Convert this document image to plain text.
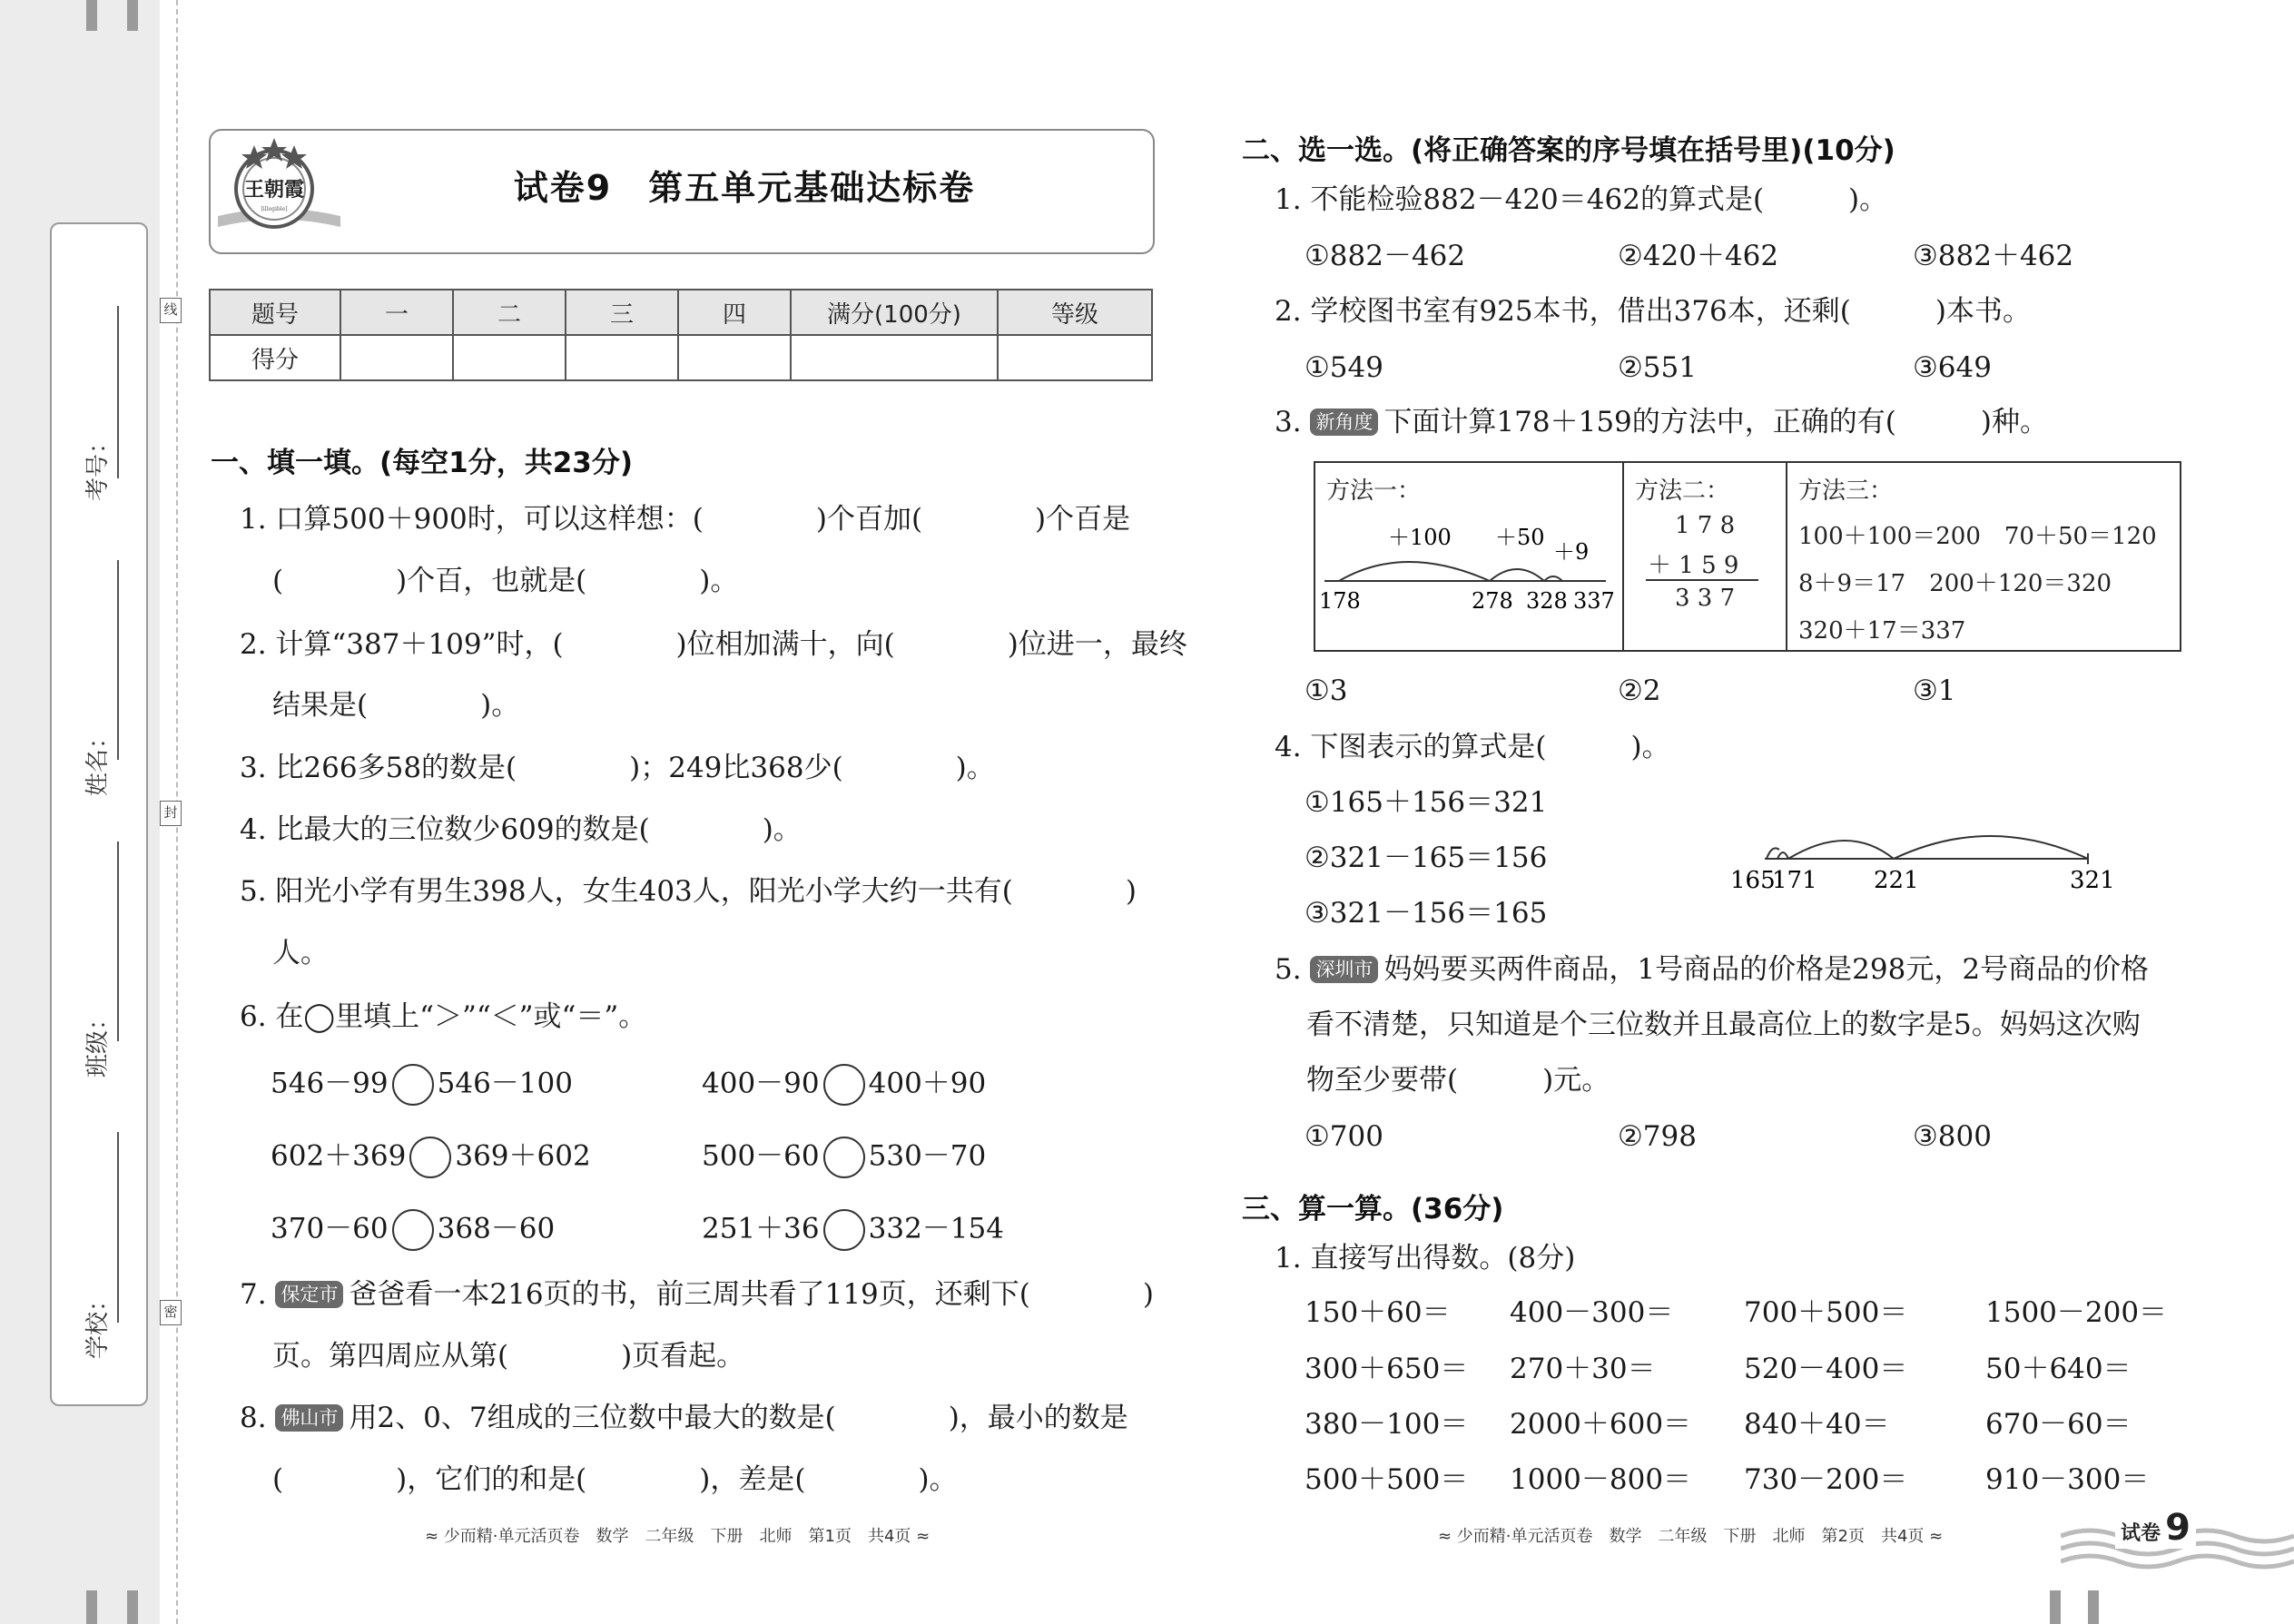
考号：
姓名：
班级：
学校：
线
封
密
王朝霞
[illegible]
试卷9　第五单元基础达标卷
题号	一	二	三	四	满分(100分)	等级
得分						
一、填一填。(每空1分，共23分)
1. 口算500＋900时，可以这样想：(　　　　)个百加(　　　　)个百是
(　　　　)个百，也就是(　　　　)。
2. 计算“387＋109”时，(　　　　)位相加满十，向(　　　　)位进一，最终
结果是(　　　　)。
3. 比266多58的数是(　　　　)；249比368少(　　　　)。
4. 比最大的三位数少609的数是(　　　　)。
5. 阳光小学有男生398人，女生403人，阳光小学大约一共有(　　　　)
人。
6. 在◯里填上“＞”“＜”或“＝”。
546－99 546－100	400－90 400＋90
602＋369 369＋602	500－60 530－70
370－60 368－60	251＋36 332－154
7. 保定市 爸爸看一本216页的书，前三周共看了119页，还剩下(　　　　)
页。第四周应从第(　　　　)页看起。
8. 佛山市 用2、0、7组成的三位数中最大的数是(　　　　)，最小的数是
(　　　　)，它们的和是(　　　　)，差是(　　　　)。
≈ 少而精·单元活页卷　数学　二年级　下册　北师　第1页　共4页 ≈
二、选一选。(将正确答案的序号填在括号里)(10分)
1. 不能检验882－420＝462的算式是(　　　)。
①882－462	②420＋462	③882＋462
2. 学校图书室有925本书，借出376本，还剩(　　　)本书。
①549	②551	③649
3. 新角度 下面计算178＋159的方法中，正确的有(　　　)种。
方法一：
＋100 ＋50
＋9
178	278 328 337
方法二：
1 7 8
＋ 1 5 9
3 3 7
方法三：
100＋100＝200　70＋50＝120
8＋9＝17　200＋120＝320
320＋17＝337
①3	②2	③1
4. 下图表示的算式是(　　　)。
①165＋156＝321
②321－165＝156
③321－156＝165
165
171 221	321
5. 深圳市 妈妈要买两件商品，1号商品的价格是298元，2号商品的价格
看不清楚，只知道是个三位数并且最高位上的数字是5。妈妈这次购
物至少要带(　　　)元。
①700	②798	③800
三、算一算。(36分)
1. 直接写出得数。(8分)
150＋60＝ 400－300＝	700＋500＝	1500－200＝
300＋650＝ 270＋30＝	520－400＝	50＋640＝
380－100＝ 2000＋600＝ 840＋40＝	670－60＝
500＋500＝ 1000－800＝ 730－200＝	910－300＝
≈ 少而精·单元活页卷　数学　二年级　下册　北师　第2页　共4页 ≈	试卷 9
